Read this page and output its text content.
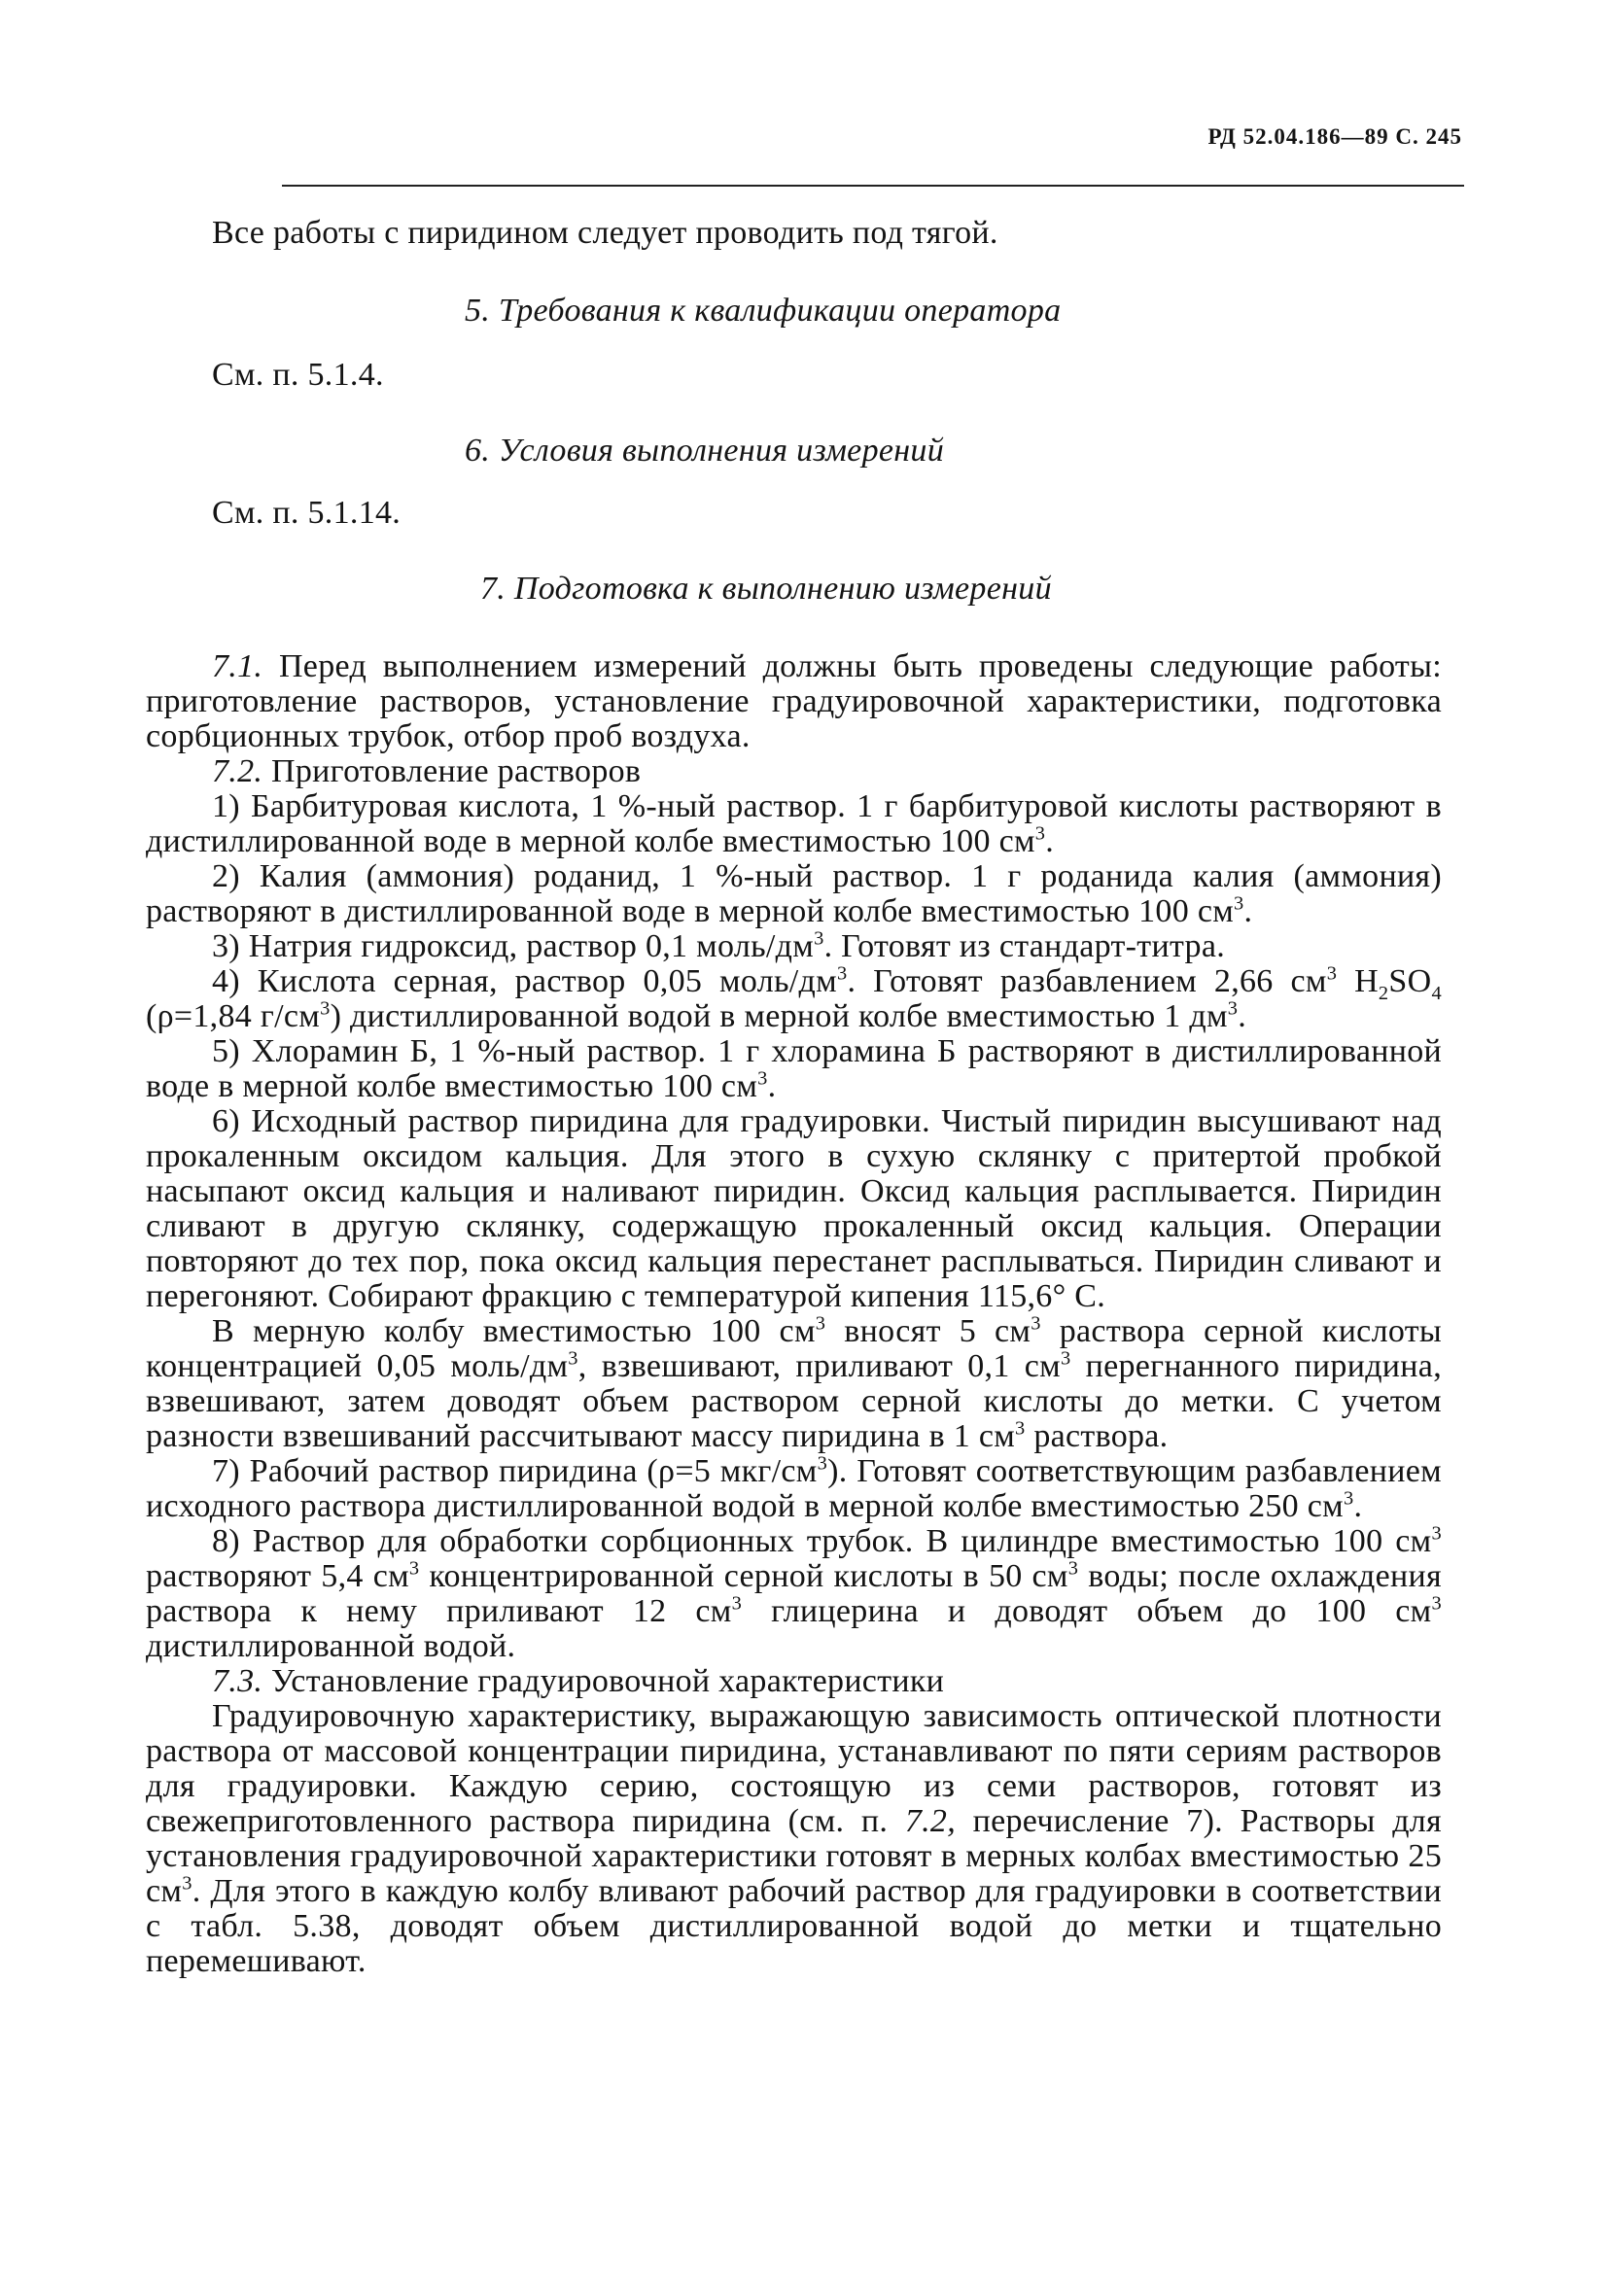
РД 52.04.186—89 С. 245
Все работы с пиридином следует проводить под тягой.
5. Требования к квалификации оператора
См. п. 5.1.4.
6. Условия выполнения измерений
См. п. 5.1.14.
7. Подготовка к выполнению измерений
7.1. Перед выполнением измерений должны быть проведены следующие работы: приготовление растворов, установление градуировочной характеристики, подготовка сорбционных трубок, отбор проб воздуха.
7.2. Приготовление растворов
1) Барбитуровая кислота, 1 %-ный раствор. 1 г барбитуровой кислоты растворяют в дистиллированной воде в мерной колбе вместимостью 100 $см^3$.
2) Калия (аммония) роданид, 1 %-ный раствор. 1 г роданида калия (аммония) растворяют в дистиллированной воде в мерной колбе вместимостью 100 $см^3$.
3) Натрия гидроксид, раствор 0,1 моль/$дм^3$. Готовят из стандарт-титра.
4) Кислота серная, раствор 0,05 моль/$дм^3$. Готовят разбавлением 2,66 $см^3$ $H_2SO_4$ (ρ=1,84 $г/см^3$) дистиллированной водой в мерной колбе вместимостью 1 $дм^3$.
5) Хлорамин Б, 1 %-ный раствор. 1 г хлорамина Б растворяют в дистиллированной воде в мерной колбе вместимостью 100 $см^3$.
6) Исходный раствор пиридина для градуировки. Чистый пиридин высушивают над прокаленным оксидом кальция. Для этого в сухую склянку с притертой пробкой насыпают оксид кальция и наливают пиридин. Оксид кальция расплывается. Пиридин сливают в другую склянку, содержащую прокаленный оксид кальция. Операции повторяют до тех пор, пока оксид кальция перестанет расплываться. Пиридин сливают и перегоняют. Собирают фракцию с температурой кипения 115,6° С.
В мерную колбу вместимостью 100 $см^3$ вносят 5 $см^3$ раствора серной кислоты концентрацией 0,05 моль/$дм^3$, взвешивают, приливают 0,1 $см^3$ перегнанного пиридина, взвешивают, затем доводят объем раствором серной кислоты до метки. С учетом разности взвешиваний рассчитывают массу пиридина в 1 $см^3$ раствора.
7) Рабочий раствор пиридина (ρ=5 мкг/$см^3$). Готовят соответствующим разбавлением исходного раствора дистиллированной водой в мерной колбе вместимостью 250 $см^3$.
8) Раствор для обработки сорбционных трубок. В цилиндре вместимостью 100 $см^3$ растворяют 5,4 $см^3$ концентрированной серной кислоты в 50 $см^3$ воды; после охлаждения раствора к нему приливают 12 $см^3$ глицерина и доводят объем до 100 $см^3$ дистиллированной водой.
7.3. Установление градуировочной характеристики
Градуировочную характеристику, выражающую зависимость оптической плотности раствора от массовой концентрации пиридина, устанавливают по пяти сериям растворов для градуировки. Каждую серию, состоящую из семи растворов, готовят из свежеприготовленного раствора пиридина (см. п. 7.2, перечисление 7). Растворы для установления градуировочной характеристики готовят в мерных колбах вместимостью 25 $см^3$. Для этого в каждую колбу вливают рабочий раствор для градуировки в соответствии с табл. 5.38, доводят объем дистиллированной водой до метки и тщательно перемешивают.
